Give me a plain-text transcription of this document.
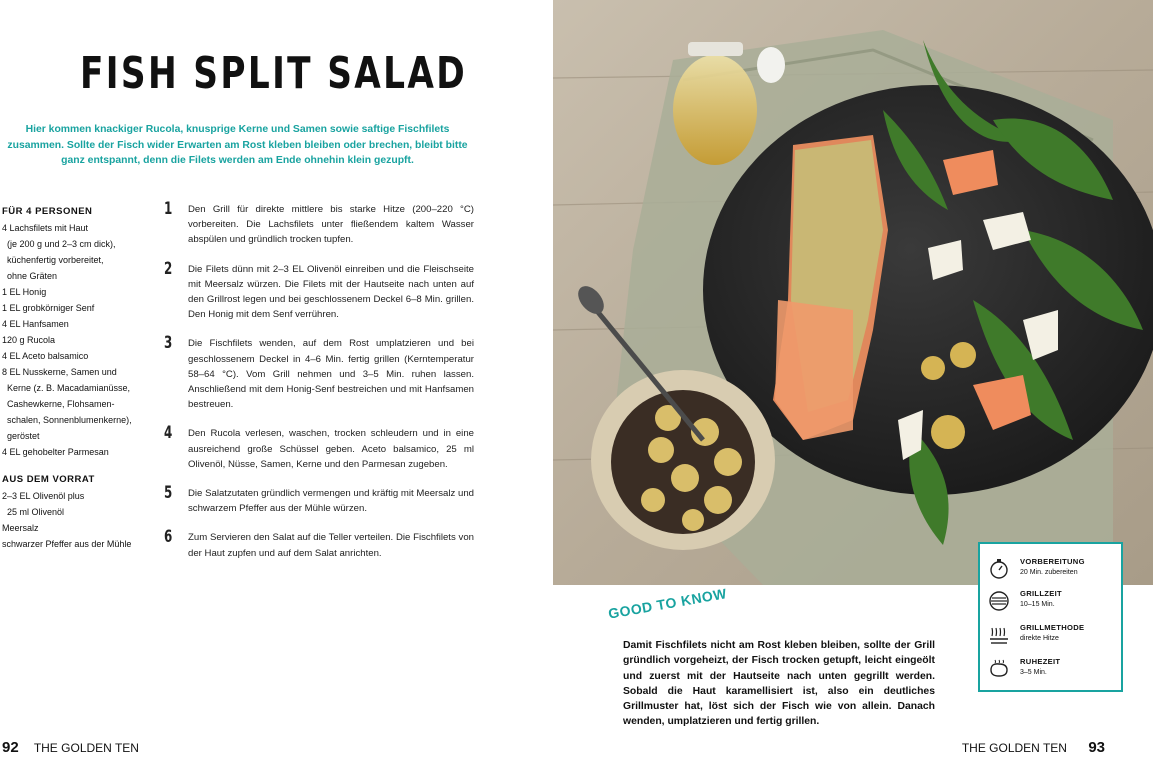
FISH SPLIT SALAD
Hier kommen knackiger Rucola, knusprige Kerne und Samen sowie saftige Fischfilets zusammen. Sollte der Fisch wider Erwarten am Rost kleben bleiben oder brechen, bleibt bitte ganz entspannt, denn die Filets werden am Ende ohnehin klein gezupft.
FÜR 4 PERSONEN
4 Lachsfilets mit Haut
(je 200 g und 2–3 cm dick),
küchenfertig vorbereitet,
ohne Gräten
1 EL Honig
1 EL grobkörniger Senf
4 EL Hanfsamen
120 g Rucola
4 EL Aceto balsamico
8 EL Nusskerne, Samen und
Kerne (z. B. Macadamianüsse,
Cashewkerne, Flohsamen-
schalen, Sonnenblumenkerne),
geröstet
4 EL gehobelter Parmesan
AUS DEM VORRAT
2–3 EL Olivenöl plus
25 ml Olivenöl
Meersalz
schwarzer Pfeffer aus der Mühle
1 Den Grill für direkte mittlere bis starke Hitze (200–220 °C) vorbereiten. Die Lachsfilets unter fließendem kaltem Wasser abspülen und gründlich trocken tupfen.
2 Die Filets dünn mit 2–3 EL Olivenöl einreiben und die Fleischseite mit Meersalz würzen. Die Filets mit der Hautseite nach unten auf den Grillrost legen und bei geschlossenem Deckel 6–8 Min. grillen. Den Honig mit dem Senf verrühren.
3 Die Fischfilets wenden, auf dem Rost umplatzieren und bei geschlossenem Deckel in 4–6 Min. fertig grillen (Kerntemperatur 58–64 °C). Vom Grill nehmen und 3–5 Min. ruhen lassen. Anschließend mit dem Honig-Senf bestreichen und mit Hanfsamen bestreuen.
4 Den Rucola verlesen, waschen, trocken schleudern und in eine ausreichend große Schüssel geben. Aceto balsamico, 25 ml Olivenöl, Nüsse, Samen, Kerne und den Parmesan zugeben.
5 Die Salatzutaten gründlich vermengen und kräftig mit Meersalz und schwarzem Pfeffer aus der Mühle würzen.
6 Zum Servieren den Salat auf die Teller verteilen. Die Fischfilets von der Haut zupfen und auf dem Salat anrichten.
92 THE GOLDEN TEN
GOOD TO KNOW
Damit Fischfilets nicht am Rost kleben bleiben, sollte der Grill gründlich vorgeheizt, der Fisch trocken getupft, leicht eingeölt und zuerst mit der Hautseite nach unten gegrillt werden. Sobald die Haut karamellisiert ist, also ein deutliches Grillmuster hat, löst sich der Fisch wie von allein. Danach wenden, umplatzieren und fertig grillen.
VORBEREITUNG
20 Min. zubereiten
GRILLZEIT
10–15 Min.
GRILLMETHODE
direkte Hitze
RUHEZEIT
3–5 Min.
THE GOLDEN TEN 93
